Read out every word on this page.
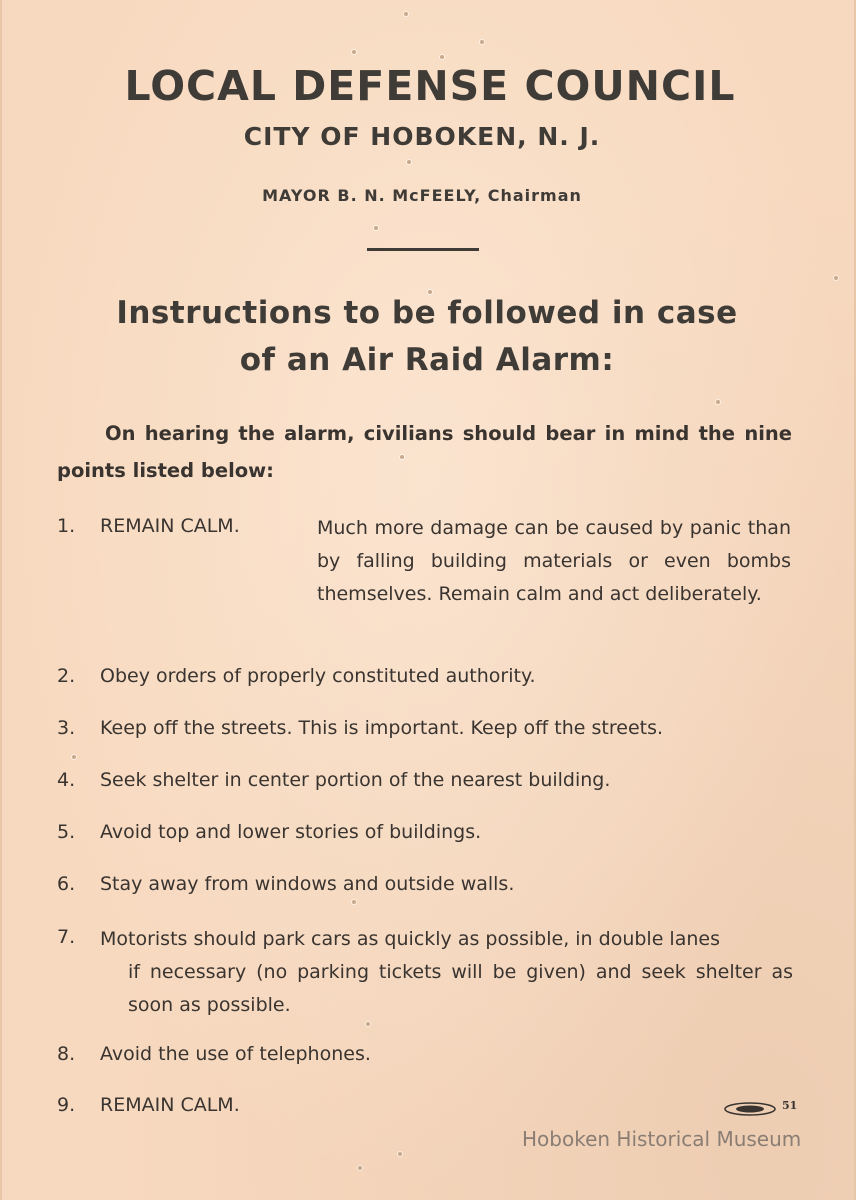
LOCAL DEFENSE COUNCIL
CITY OF HOBOKEN, N. J.
MAYOR B. N. McFEELY, Chairman
Instructions to be followed in case
of an Air Raid Alarm:
On hearing the alarm, civilians should bear in mind the nine points listed below:
1. REMAIN CALM.	Much more damage can be caused by panic than by falling building materials or even bombs themselves. Remain calm and act deliberately.
2. Obey orders of properly constituted authority.
3. Keep off the streets. This is important. Keep off the streets.
4. Seek shelter in center portion of the nearest building.
5. Avoid top and lower stories of buildings.
6. Stay away from windows and outside walls.
7. Motorists should park cars as quickly as possible, in double lanes
if necessary (no parking tickets will be given) and seek shelter as soon as possible.
8. Avoid the use of telephones.
9. REMAIN CALM.	51
Hoboken Historical Museum
